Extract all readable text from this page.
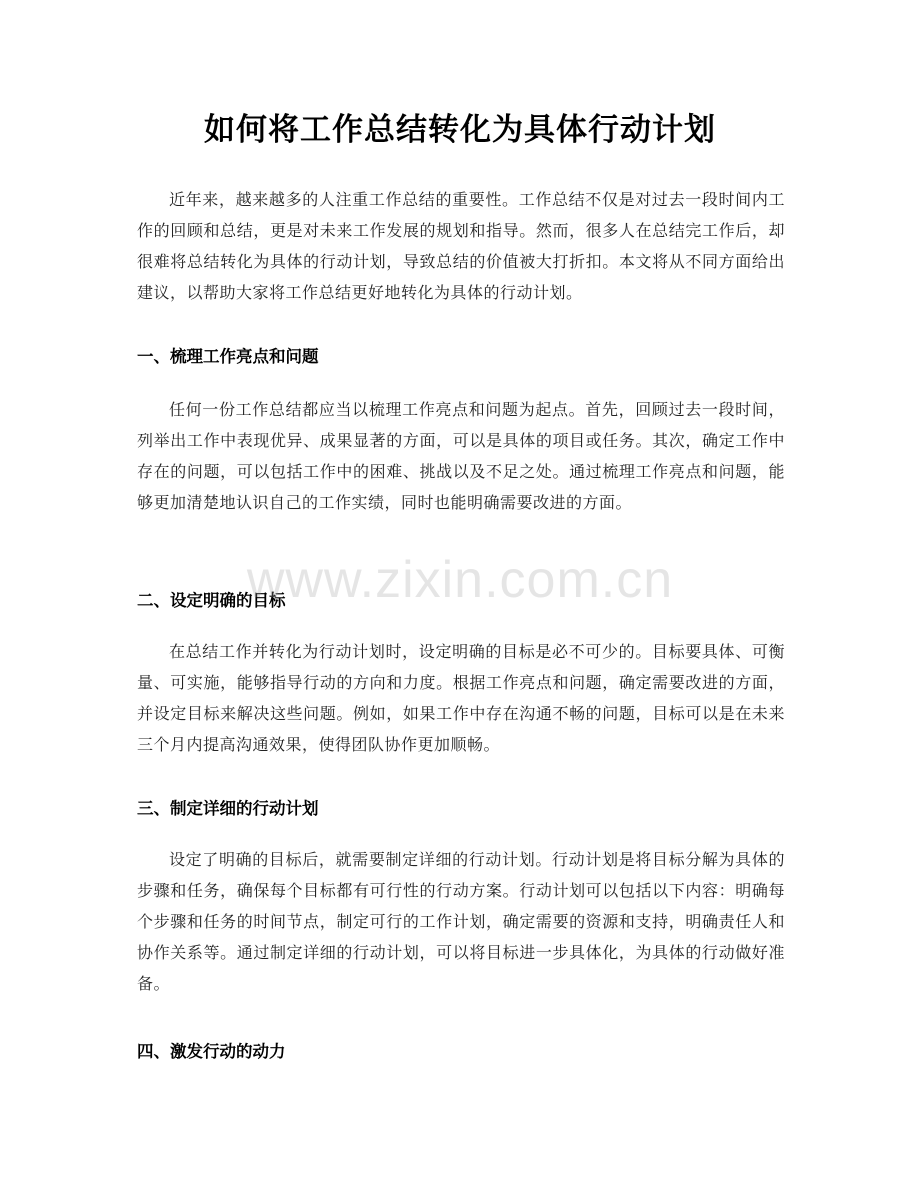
如何将工作总结转化为具体行动计划

近年来，越来越多的人注重工作总结的重要性。工作总结不仅是对过去一段时间内工作的回顾和总结，更是对未来工作发展的规划和指导。然而，很多人在总结完工作后，却很难将总结转化为具体的行动计划，导致总结的价值被大打折扣。本文将从不同方面给出建议，以帮助大家将工作总结更好地转化为具体的行动计划。

一、梳理工作亮点和问题

任何一份工作总结都应当以梳理工作亮点和问题为起点。首先，回顾过去一段时间，列举出工作中表现优异、成果显著的方面，可以是具体的项目或任务。其次，确定工作中存在的问题，可以包括工作中的困难、挑战以及不足之处。通过梳理工作亮点和问题，能够更加清楚地认识自己的工作实绩，同时也能明确需要改进的方面。

二、设定明确的目标

在总结工作并转化为行动计划时，设定明确的目标是必不可少的。目标要具体、可衡量、可实施，能够指导行动的方向和力度。根据工作亮点和问题，确定需要改进的方面，并设定目标来解决这些问题。例如，如果工作中存在沟通不畅的问题，目标可以是在未来三个月内提高沟通效果，使得团队协作更加顺畅。

三、制定详细的行动计划

设定了明确的目标后，就需要制定详细的行动计划。行动计划是将目标分解为具体的步骤和任务，确保每个目标都有可行性的行动方案。行动计划可以包括以下内容：明确每个步骤和任务的时间节点，制定可行的工作计划，确定需要的资源和支持，明确责任人和协作关系等。通过制定详细的行动计划，可以将目标进一步具体化，为具体的行动做好准备。

四、激发行动的动力
www.zixin.com.cn
